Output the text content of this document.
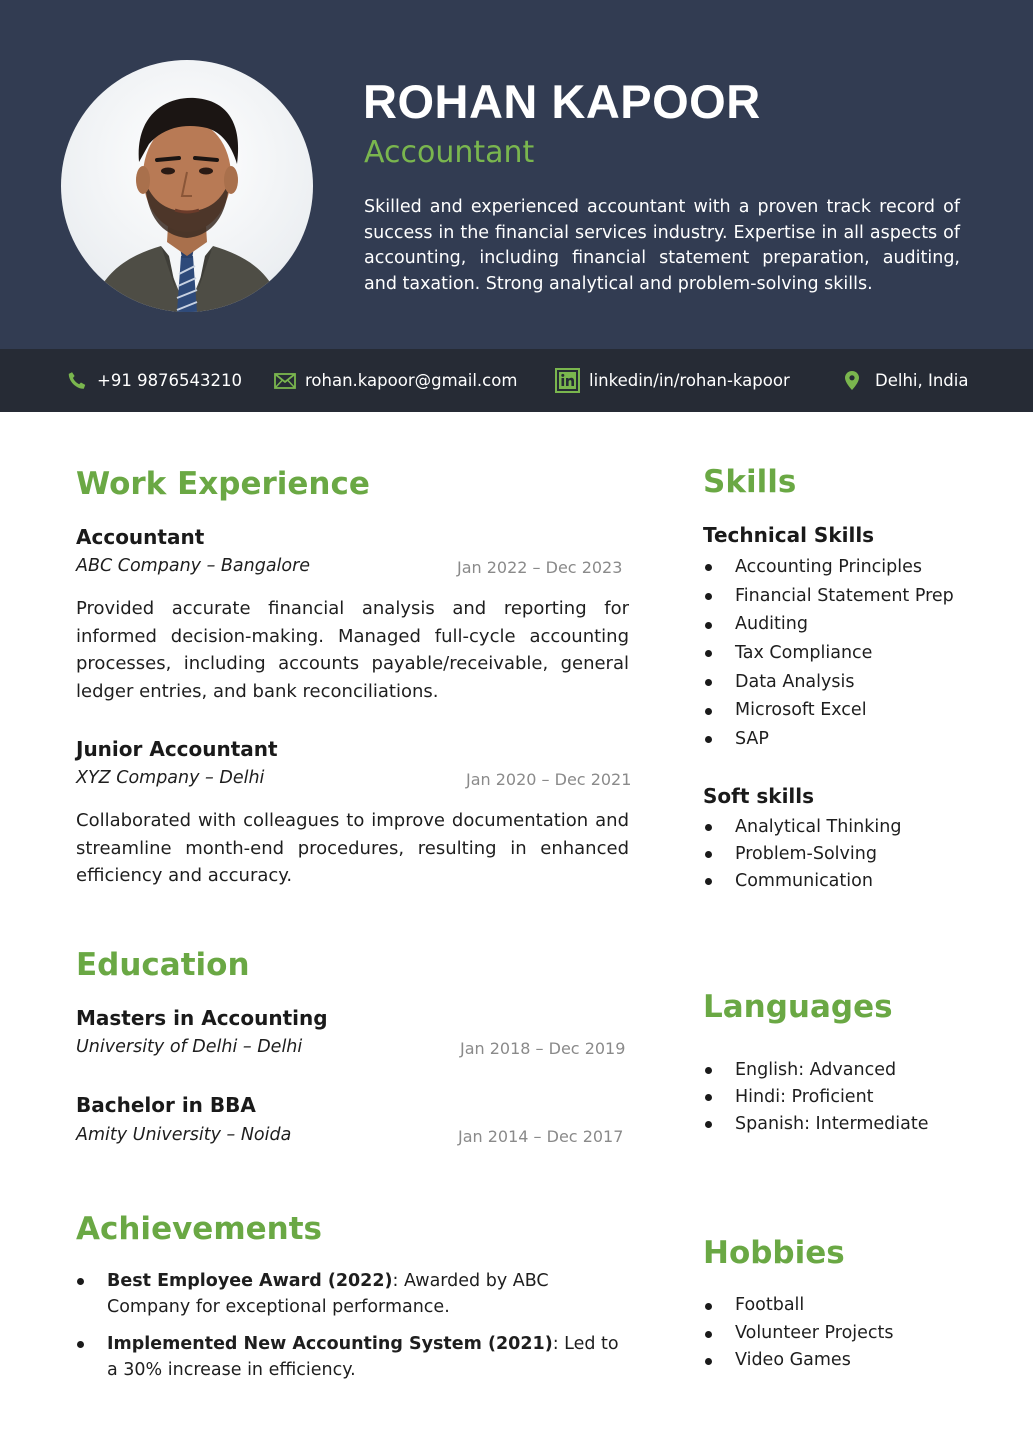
ROHAN KAPOOR
Accountant
Skilled and experienced accountant with a proven track record of success in the financial services industry. Expertise in all aspects of accounting, including financial statement preparation, auditing, and taxation. Strong analytical and problem-solving skills.
+91 9876543210	rohan.kapoor@gmail.com	linkedin/in/rohan-kapoor	Delhi, India
Work Experience
Accountant
ABC Company – Bangalore	Jan 2022 – Dec 2023
Provided accurate financial analysis and reporting for informed decision-making. Managed full-cycle accounting processes, including accounts payable/receivable, general ledger entries, and bank reconciliations.
Junior Accountant
XYZ Company – Delhi	Jan 2020 – Dec 2021
Collaborated with colleagues to improve documentation and streamline month-end procedures, resulting in enhanced efficiency and accuracy.
Education
Masters in Accounting
University of Delhi – Delhi	Jan 2018 – Dec 2019
Bachelor in BBA
Amity University – Noida	Jan 2014 – Dec 2017
Achievements
Best Employee Award (2022): Awarded by ABC Company for exceptional performance.
Implemented New Accounting System (2021): Led to a 30% increase in efficiency.
Skills
Technical Skills
Accounting Principles
Financial Statement Prep
Auditing
Tax Compliance
Data Analysis
Microsoft Excel
SAP
Soft skills
Analytical Thinking
Problem-Solving
Communication
Languages
English: Advanced
Hindi: Proficient
Spanish: Intermediate
Hobbies
Football
Volunteer Projects
Video Games
